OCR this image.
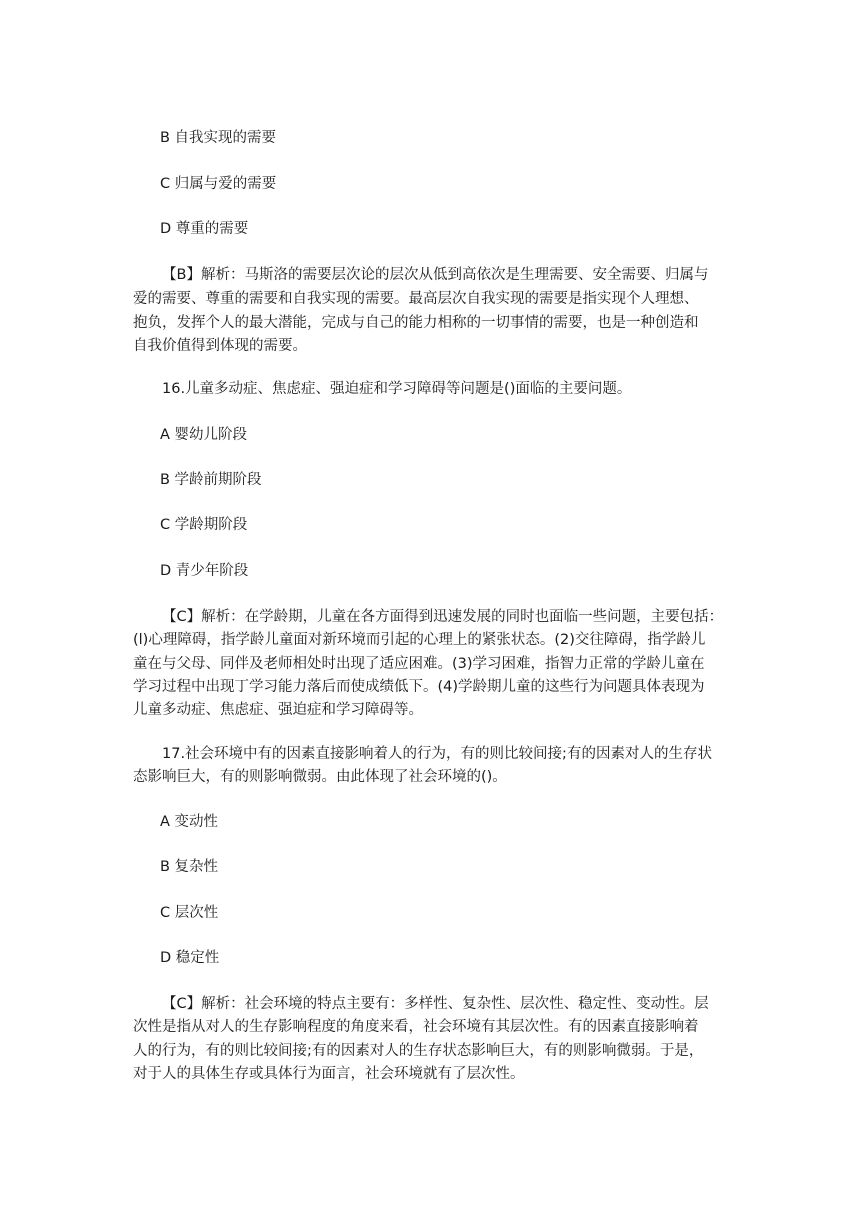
B 自我实现的需要
C 归属与爱的需要
D 尊重的需要
【B】解析：马斯洛的需要层次论的层次从低到高依次是生理需要、安全需要、归属与
爱的需要、尊重的需要和自我实现的需要。最高层次自我实现的需要是指实现个人理想、
抱负，发挥个人的最大潜能，完成与自己的能力相称的一切事情的需要，也是一种创造和
自我价值得到体现的需要。
16.儿童多动症、焦虑症、强迫症和学习障碍等问题是()面临的主要问题。
A 婴幼儿阶段
B 学龄前期阶段
C 学龄期阶段
D 青少年阶段
【C】解析：在学龄期，儿童在各方面得到迅速发展的同时也面临一些问题，主要包括：
(l)心理障碍，指学龄儿童面对新环境而引起的心理上的紧张状态。(2)交往障碍，指学龄儿
童在与父母、同伴及老师相处时出现了适应困难。(3)学习困难，指智力正常的学龄儿童在
学习过程中出现丁学习能力落后而使成绩低下。(4)学龄期儿童的这些行为问题具体表现为
儿童多动症、焦虑症、强迫症和学习障碍等。
17.社会环境中有的因素直接影响着人的行为，有的则比较间接;有的因素对人的生存状
态影响巨大，有的则影响微弱。由此体现了社会环境的()。
A 变动性
B 复杂性
C 层次性
D 稳定性
【C】解析：社会环境的特点主要有：多样性、复杂性、层次性、稳定性、变动性。层
次性是指从对人的生存影响程度的角度来看，社会环境有其层次性。有的因素直接影响着
人的行为，有的则比较间接;有的因素对人的生存状态影响巨大，有的则影响微弱。于是，
对于人的具体生存或具体行为面言，社会环境就有了层次性。
